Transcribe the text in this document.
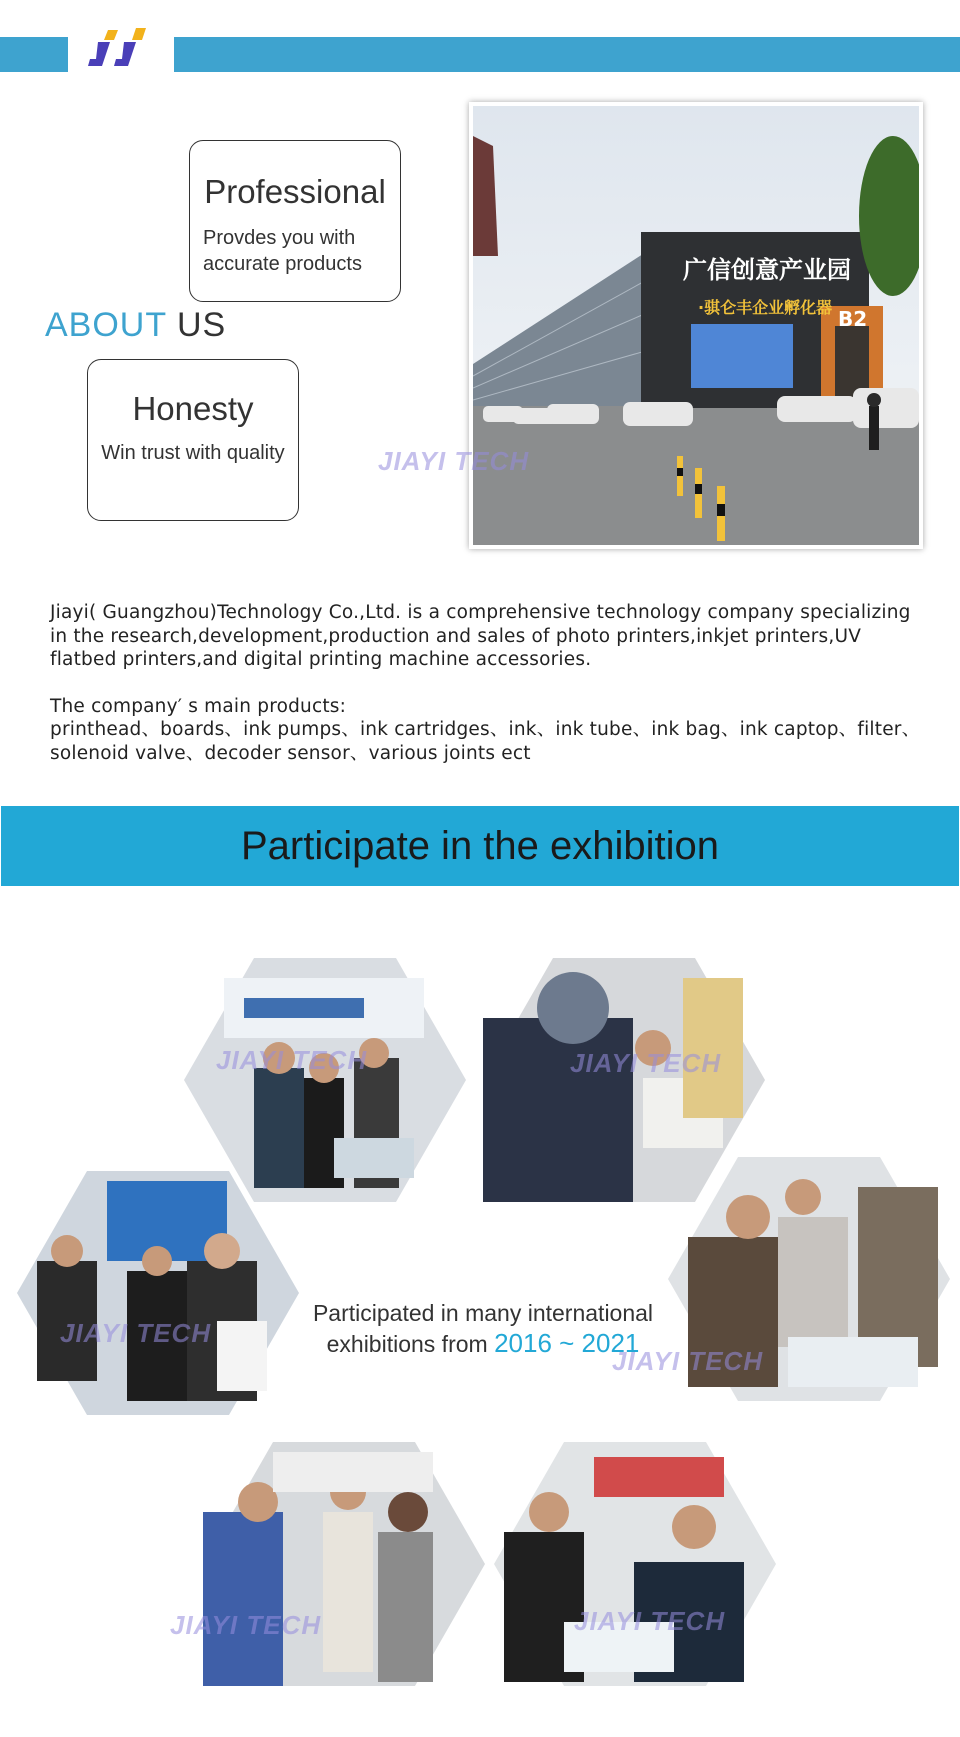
Professional
Provdes you with accurate products
ABOUT US
Honesty
Win trust with quality
广信创意产业园
·骐仑丰企业孵化器 B2
JIAYI TECH

Jiayi( Guangzhou)Technology Co.,Ltd. is a comprehensive technology company specializing in the research,development,production and sales of photo printers,inkjet printers,UV flatbed printers,and digital printing machine accessories.

The company′ s main products:

printhead、boards、ink pumps、ink cartridges、ink、ink tube、ink bag、ink captop、filter、solenoid valve、decoder sensor、various joints ect

Participate in the exhibition
Participated in many international
exhibitions from 2016 ~ 2021
JIAYI TECH	JIAYI TECH
JIAYI TECH
JIAYI TECH
JIAYI TECH	JIAYI TECH
